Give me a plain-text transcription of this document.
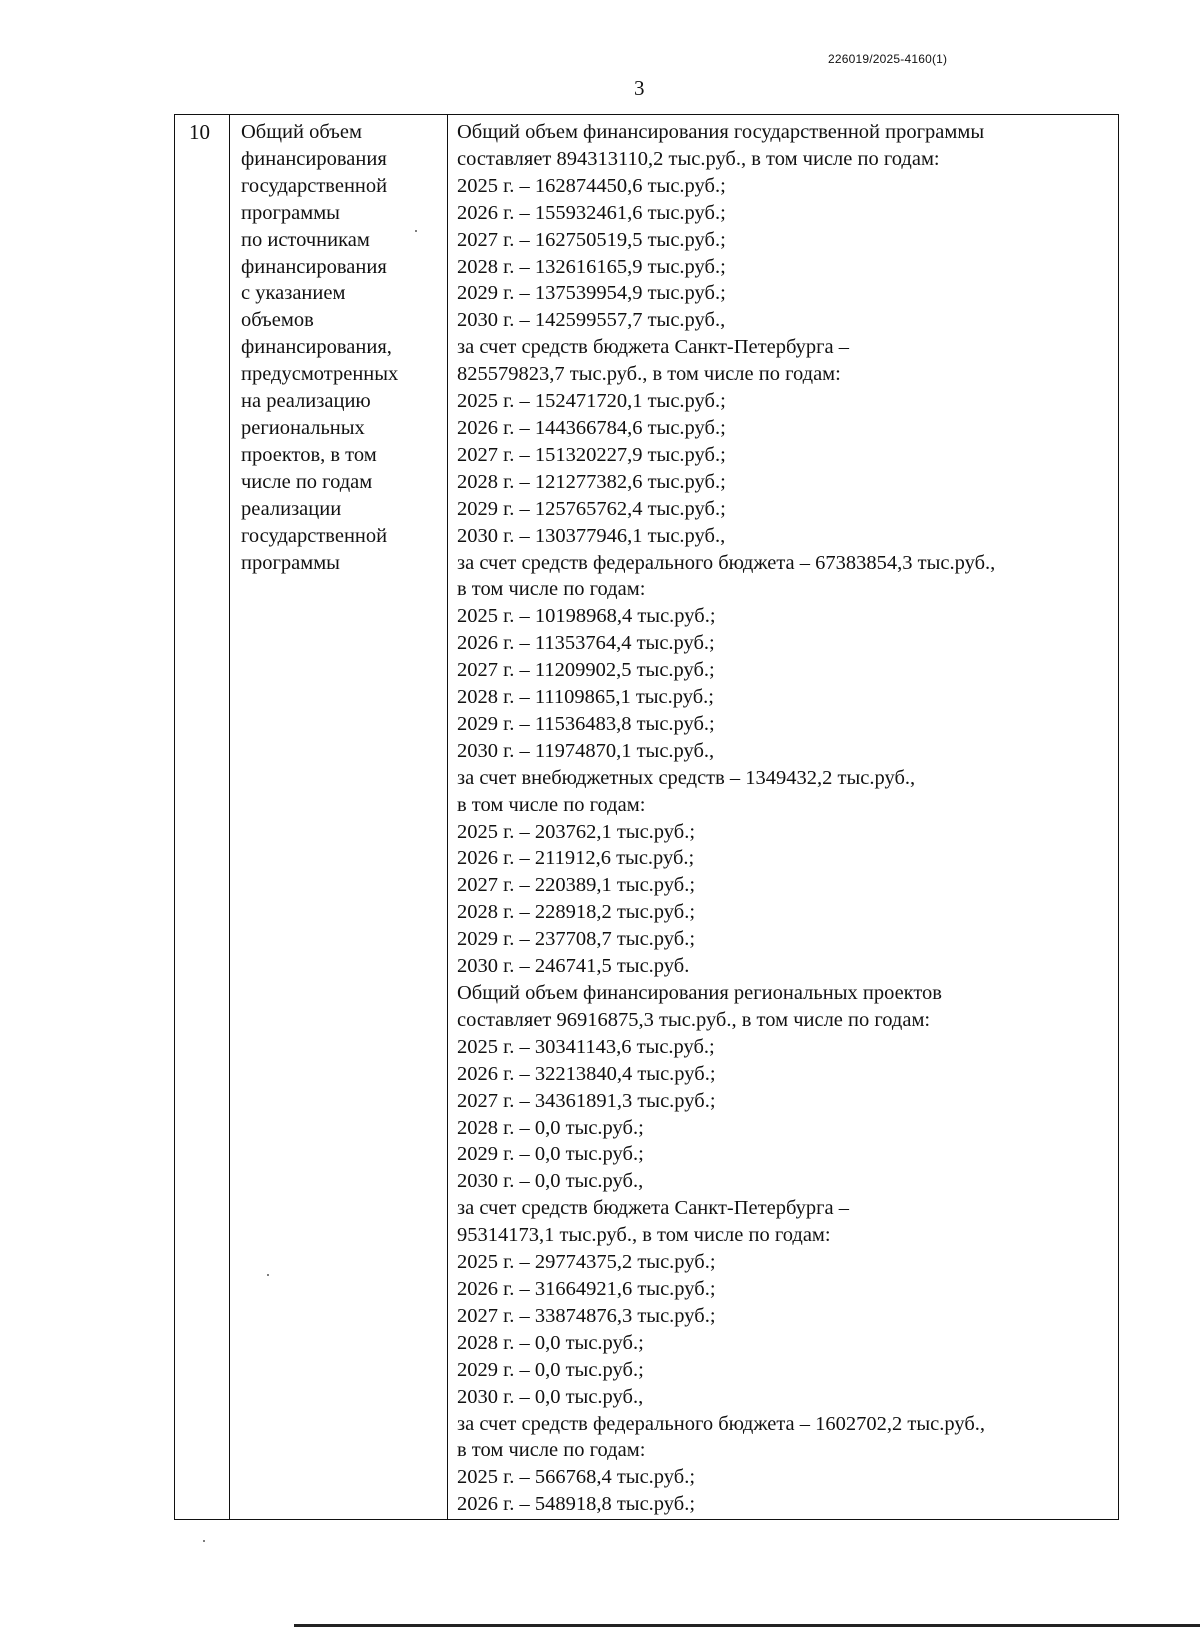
226019/2025-4160(1)
3
10 Общий объем
финансирования
государственной
программы
по источникам
финансирования
с указанием
объемов
финансирования,
предусмотренных
на реализацию
региональных
проектов, в том
числе по годам
реализации
государственной
программы
Общий объем финансирования государственной программы
составляет 894313110,2 тыс.руб., в том числе по годам:
2025 г. – 162874450,6 тыс.руб.;
2026 г. – 155932461,6 тыс.руб.;
2027 г. – 162750519,5 тыс.руб.;
2028 г. – 132616165,9 тыс.руб.;
2029 г. – 137539954,9 тыс.руб.;
2030 г. – 142599557,7 тыс.руб.,
за счет средств бюджета Санкт-Петербурга –
825579823,7 тыс.руб., в том числе по годам:
2025 г. – 152471720,1 тыс.руб.;
2026 г. – 144366784,6 тыс.руб.;
2027 г. – 151320227,9 тыс.руб.;
2028 г. – 121277382,6 тыс.руб.;
2029 г. – 125765762,4 тыс.руб.;
2030 г. – 130377946,1 тыс.руб.,
за счет средств федерального бюджета – 67383854,3 тыс.руб.,
в том числе по годам:
2025 г. – 10198968,4 тыс.руб.;
2026 г. – 11353764,4 тыс.руб.;
2027 г. – 11209902,5 тыс.руб.;
2028 г. – 11109865,1 тыс.руб.;
2029 г. – 11536483,8 тыс.руб.;
2030 г. – 11974870,1 тыс.руб.,
за счет внебюджетных средств – 1349432,2 тыс.руб.,
в том числе по годам:
2025 г. – 203762,1 тыс.руб.;
2026 г. – 211912,6 тыс.руб.;
2027 г. – 220389,1 тыс.руб.;
2028 г. – 228918,2 тыс.руб.;
2029 г. – 237708,7 тыс.руб.;
2030 г. – 246741,5 тыс.руб.
Общий объем финансирования региональных проектов
составляет 96916875,3 тыс.руб., в том числе по годам:
2025 г. – 30341143,6 тыс.руб.;
2026 г. – 32213840,4 тыс.руб.;
2027 г. – 34361891,3 тыс.руб.;
2028 г. – 0,0 тыс.руб.;
2029 г. – 0,0 тыс.руб.;
2030 г. – 0,0 тыс.руб.,
за счет средств бюджета Санкт-Петербурга –
95314173,1 тыс.руб., в том числе по годам:
2025 г. – 29774375,2 тыс.руб.;
2026 г. – 31664921,6 тыс.руб.;
2027 г. – 33874876,3 тыс.руб.;
2028 г. – 0,0 тыс.руб.;
2029 г. – 0,0 тыс.руб.;
2030 г. – 0,0 тыс.руб.,
за счет средств федерального бюджета – 1602702,2 тыс.руб.,
в том числе по годам:
2025 г. – 566768,4 тыс.руб.;
2026 г. – 548918,8 тыс.руб.;
